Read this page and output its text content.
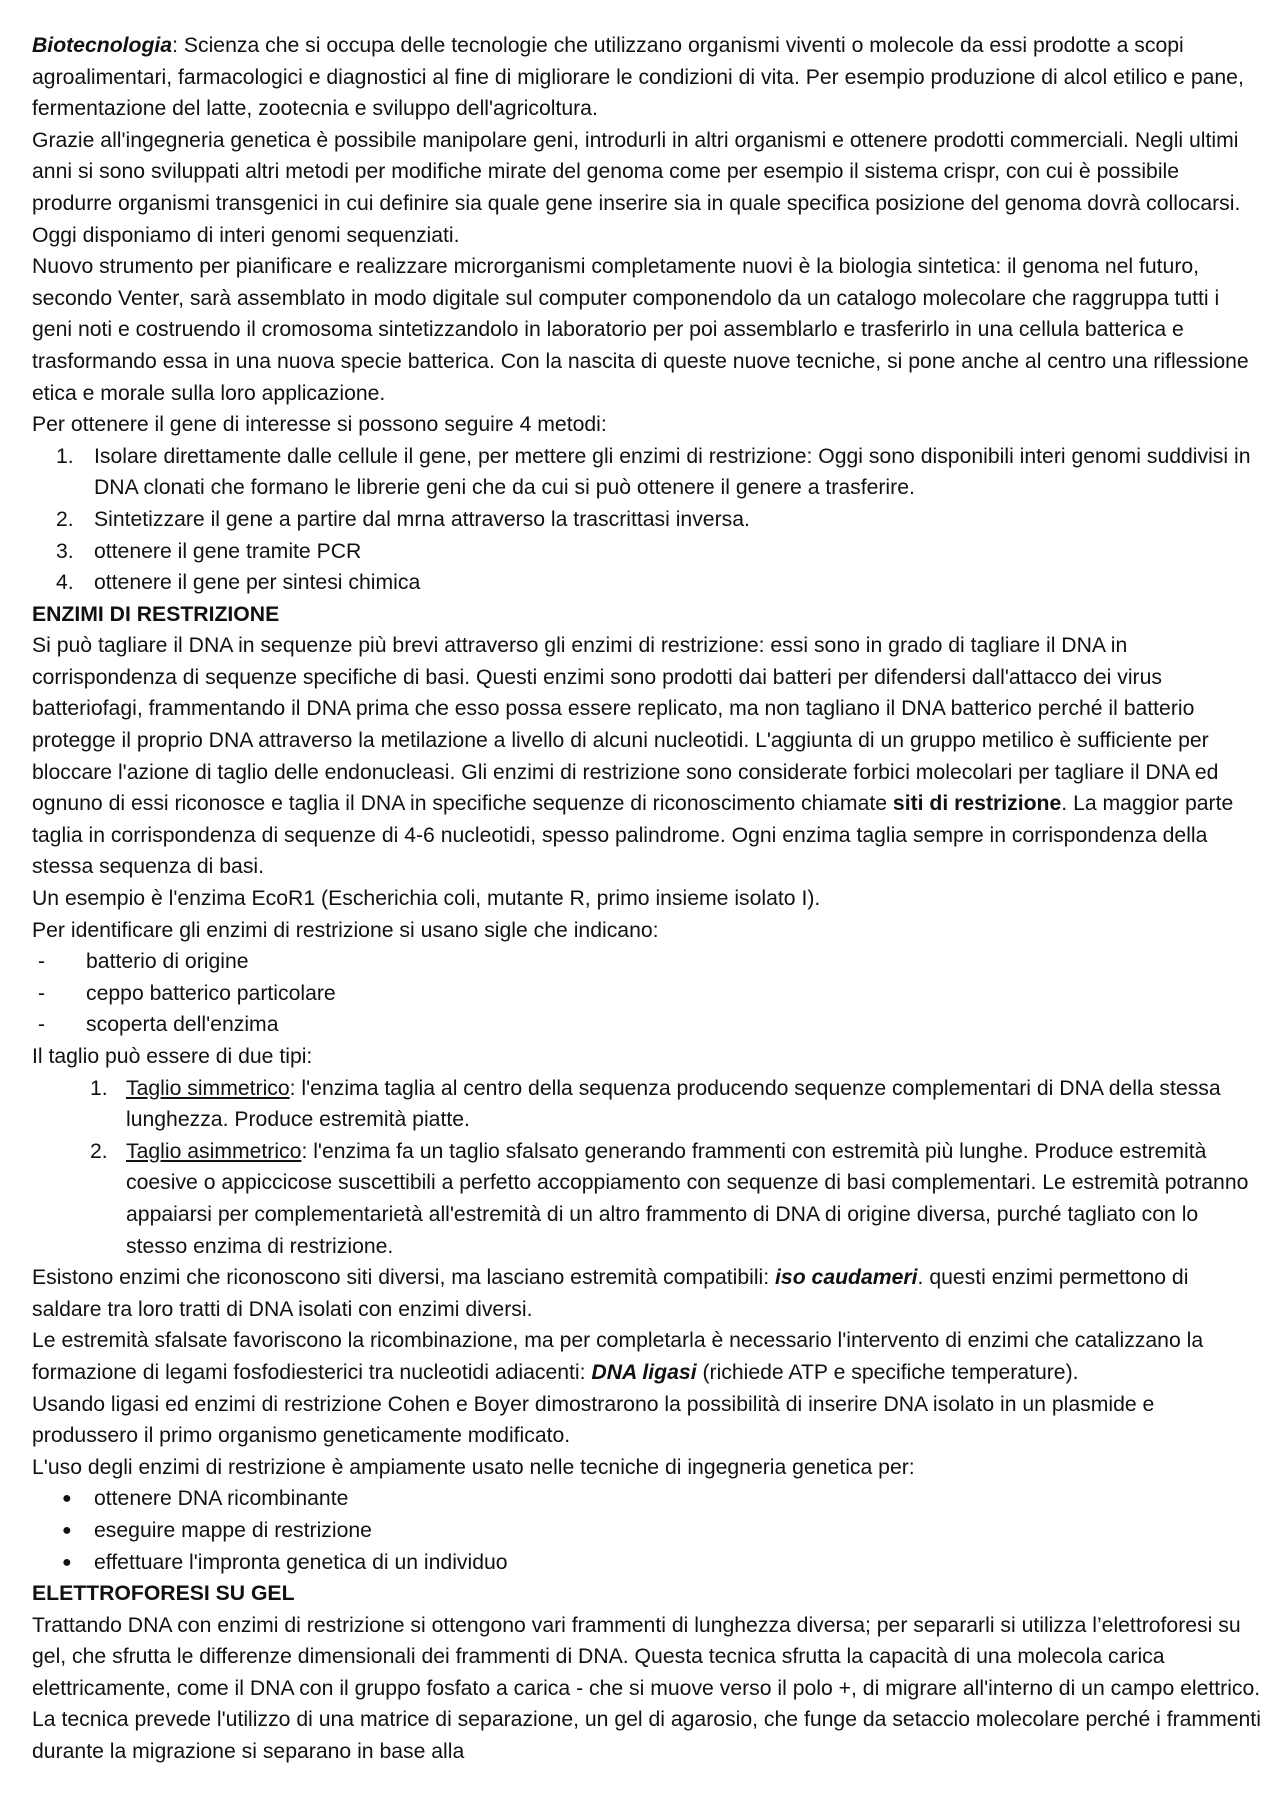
Biotecnologia: Scienza che si occupa delle tecnologie che utilizzano organismi viventi o molecole da essi prodotte a scopi agroalimentari, farmacologici e diagnostici al fine di migliorare le condizioni di vita. Per esempio produzione di alcol etilico e pane, fermentazione del latte, zootecnia e sviluppo dell'agricoltura.

Grazie all'ingegneria genetica è possibile manipolare geni, introdurli in altri organismi e ottenere prodotti commerciali. Negli ultimi anni si sono sviluppati altri metodi per modifiche mirate del genoma come per esempio il sistema crispr, con cui è possibile produrre organismi transgenici in cui definire sia quale gene inserire sia in quale specifica posizione del genoma dovrà collocarsi. Oggi disponiamo di interi genomi sequenziati.

Nuovo strumento per pianificare e realizzare microrganismi completamente nuovi è la biologia sintetica: il genoma nel futuro, secondo Venter, sarà assemblato in modo digitale sul computer componendolo da un catalogo molecolare che raggruppa tutti i geni noti e costruendo il cromosoma sintetizzandolo in laboratorio per poi assemblarlo e trasferirlo in una cellula batterica e trasformando essa in una nuova specie batterica. Con la nascita di queste nuove tecniche, si pone anche al centro una riflessione etica e morale sulla loro applicazione.

Per ottenere il gene di interesse si possono seguire 4 metodi:

1. Isolare direttamente dalle cellule il gene, per mettere gli enzimi di restrizione: Oggi sono disponibili interi genomi suddivisi in DNA clonati che formano le librerie geni che da cui si può ottenere il genere a trasferire.
2. Sintetizzare il gene a partire dal mrna attraverso la trascrittasi inversa.
3. ottenere il gene tramite PCR
4. ottenere il gene per sintesi chimica

ENZIMI DI RESTRIZIONE

Si può tagliare il DNA in sequenze più brevi attraverso gli enzimi di restrizione: essi sono in grado di tagliare il DNA in corrispondenza di sequenze specifiche di basi. Questi enzimi sono prodotti dai batteri per difendersi dall'attacco dei virus batteriofagi, frammentando il DNA prima che esso possa essere replicato, ma non tagliano il DNA batterico perché il batterio protegge il proprio DNA attraverso la metilazione a livello di alcuni nucleotidi. L'aggiunta di un gruppo metilico è sufficiente per bloccare l'azione di taglio delle endonucleasi. Gli enzimi di restrizione sono considerate forbici molecolari per tagliare il DNA ed ognuno di essi riconosce e taglia il DNA in specifiche sequenze di riconoscimento chiamate siti di restrizione. La maggior parte taglia in corrispondenza di sequenze di 4-6 nucleotidi, spesso palindrome. Ogni enzima taglia sempre in corrispondenza della stessa sequenza di basi.

Un esempio è l'enzima EcoR1 (Escherichia coli, mutante R, primo insieme isolato I).

Per identificare gli enzimi di restrizione si usano sigle che indicano:

- batterio di origine
- ceppo batterico particolare
- scoperta dell'enzima

Il taglio può essere di due tipi:

1. Taglio simmetrico: l'enzima taglia al centro della sequenza producendo sequenze complementari di DNA della stessa lunghezza. Produce estremità piatte.
2. Taglio asimmetrico: l'enzima fa un taglio sfalsato generando frammenti con estremità più lunghe. Produce estremità coesive o appiccicose suscettibili a perfetto accoppiamento con sequenze di basi complementari. Le estremità potranno appaiarsi per complementarietà all'estremità di un altro frammento di DNA di origine diversa, purché tagliato con lo stesso enzima di restrizione.

Esistono enzimi che riconoscono siti diversi, ma lasciano estremità compatibili: iso caudameri. questi enzimi permettono di saldare tra loro tratti di DNA isolati con enzimi diversi.

Le estremità sfalsate favoriscono la ricombinazione, ma per completarla è necessario l'intervento di enzimi che catalizzano la formazione di legami fosfodiesterici tra nucleotidi adiacenti: DNA ligasi (richiede ATP e specifiche temperature).

Usando ligasi ed enzimi di restrizione Cohen e Boyer dimostrarono la possibilità di inserire DNA isolato in un plasmide e produssero il primo organismo geneticamente modificato.

L'uso degli enzimi di restrizione è ampiamente usato nelle tecniche di ingegneria genetica per:

● ottenere DNA ricombinante
● eseguire mappe di restrizione
● effettuare l'impronta genetica di un individuo

ELETTROFORESI SU GEL

Trattando DNA con enzimi di restrizione si ottengono vari frammenti di lunghezza diversa; per separarli si utilizza l’elettroforesi su gel, che sfrutta le differenze dimensionali dei frammenti di DNA. Questa tecnica sfrutta la capacità di una molecola carica elettricamente, come il DNA con il gruppo fosfato a carica - che si muove verso il polo +, di migrare all'interno di un campo elettrico. La tecnica prevede l'utilizzo di una matrice di separazione, un gel di agarosio, che funge da setaccio molecolare perché i frammenti durante la migrazione si separano in base alla
